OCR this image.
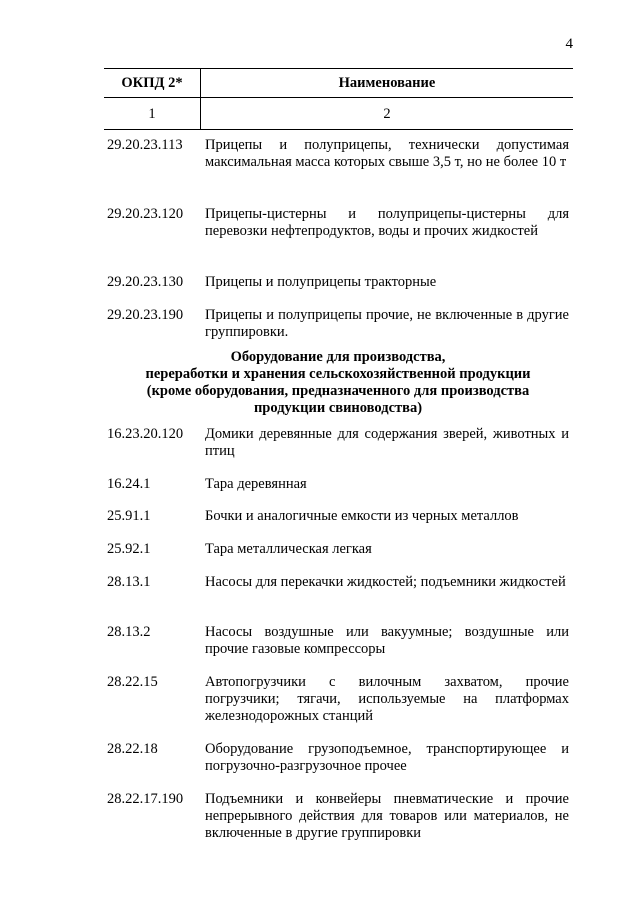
4
ОКПД 2*	Наименование
1	2
29.20.23.113	Прицепы и полуприцепы, технически допустимая максимальная масса которых свыше 3,5 т, но не более 10 т
29.20.23.120	Прицепы-цистерны и полуприцепы-цистерны для перевозки нефтепродуктов, воды и прочих жидкостей
29.20.23.130	Прицепы и полуприцепы тракторные
29.20.23.190	Прицепы и полуприцепы прочие, не включенные в другие группировки.
Оборудование для производства,
переработки и хранения сельскохозяйственной продукции
(кроме оборудования, предназначенного для производства
продукции свиноводства)
16.23.20.120	Домики деревянные для содержания зверей, животных и птиц
16.24.1	Тара деревянная
25.91.1	Бочки и аналогичные емкости из черных металлов
25.92.1	Тара металлическая легкая
28.13.1	Насосы для перекачки жидкостей; подъемники жидкостей
28.13.2	Насосы воздушные или вакуумные; воздушные или прочие газовые компрессоры
28.22.15	Автопогрузчики с вилочным захватом, прочие погрузчики; тягачи, используемые на платформах железнодорожных станций
28.22.18	Оборудование грузоподъемное, транспортирующее и погрузочно-разгрузочное прочее
28.22.17.190	Подъемники и конвейеры пневматические и прочие непрерывного действия для товаров или материалов, не включенные в другие группировки
